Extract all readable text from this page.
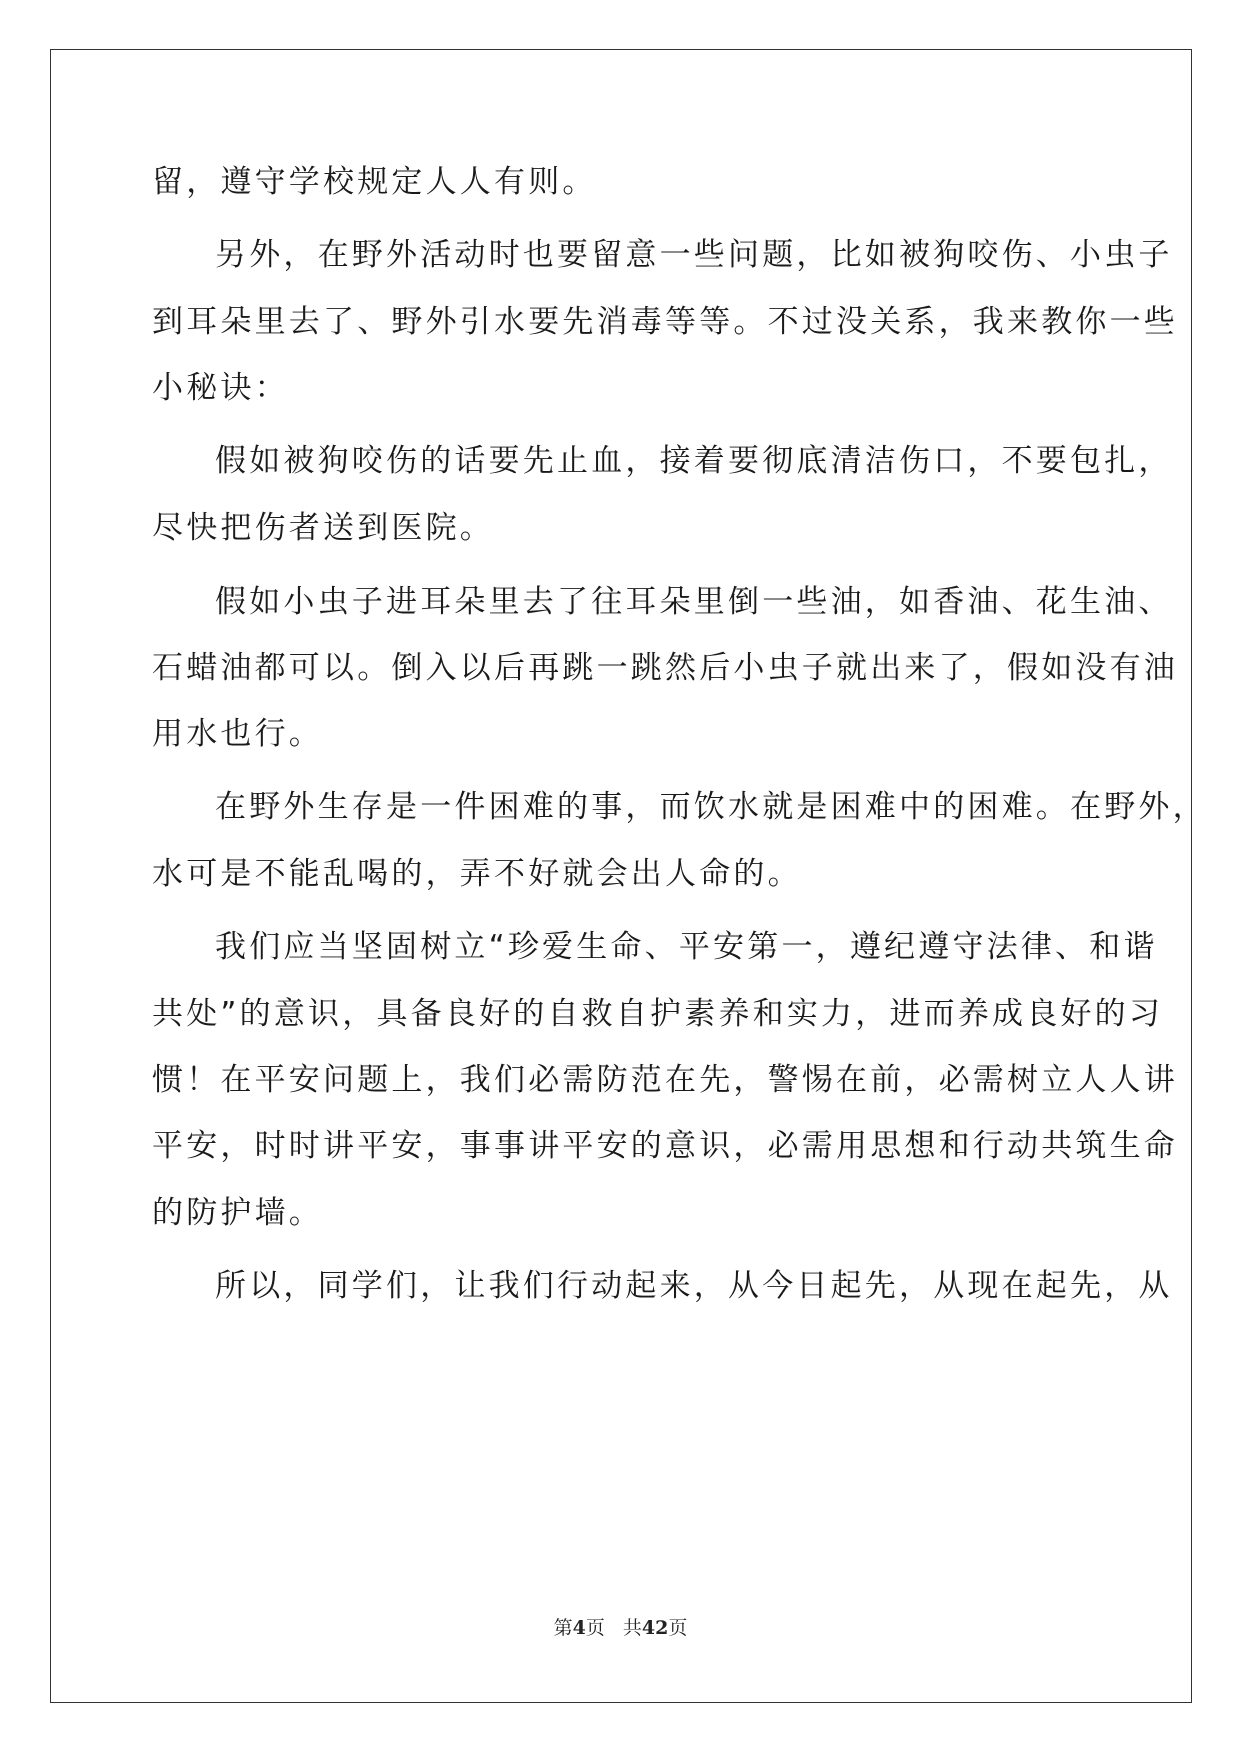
留，遵守学校规定人人有则。
另外，在野外活动时也要留意一些问题，比如被狗咬伤、小虫子
到耳朵里去了、野外引水要先消毒等等。不过没关系，我来教你一些
小秘诀：
假如被狗咬伤的话要先止血，接着要彻底清洁伤口，不要包扎，
尽快把伤者送到医院。
假如小虫子进耳朵里去了往耳朵里倒一些油，如香油、花生油、
石蜡油都可以。倒入以后再跳一跳然后小虫子就出来了，假如没有油
用水也行。
在野外生存是一件困难的事，而饮水就是困难中的困难。在野外，
水可是不能乱喝的，弄不好就会出人命的。
我们应当坚固树立“珍爱生命、平安第一，遵纪遵守法律、和谐
共处”的意识，具备良好的自救自护素养和实力，进而养成良好的习
惯！在平安问题上，我们必需防范在先，警惕在前，必需树立人人讲
平安，时时讲平安，事事讲平安的意识，必需用思想和行动共筑生命
的防护墙。
所以，同学们，让我们行动起来，从今日起先，从现在起先，从
第4页 共42页
